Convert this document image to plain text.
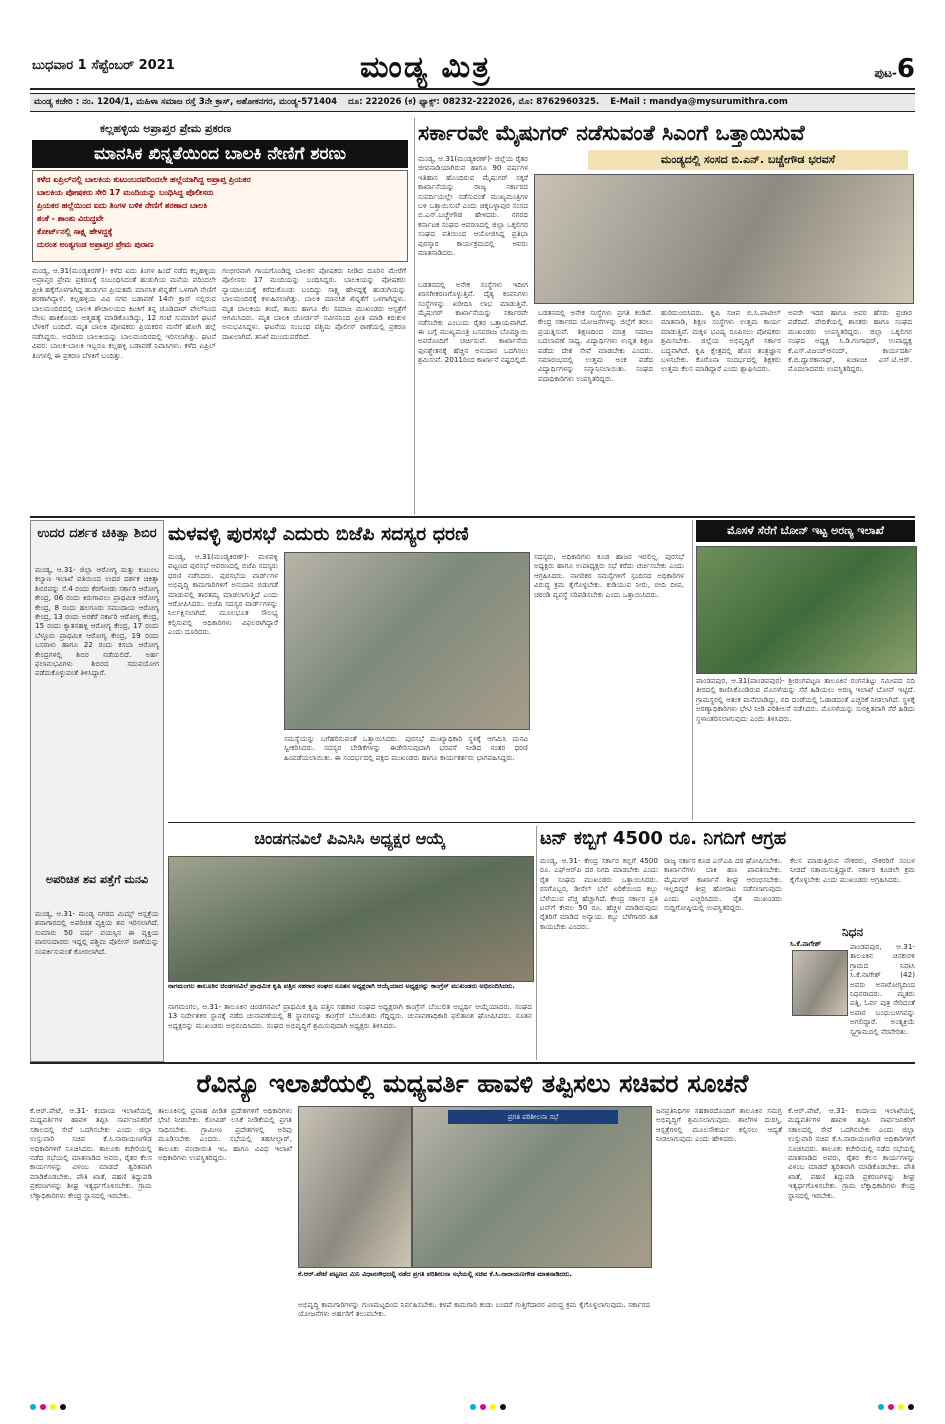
ಬುಧವಾರ 1 ಸೆಪ್ಟೆಂಬರ್ 2021	ಮಂಡ್ಯ ಮಿತ್ರ	ಪುಟ-6
ಮಂಡ್ಯ ಕಚೇರಿ : ನಂ. 1204/1, ಮಹಿಳಾ ಸಮಾಜ ರಸ್ತೆ 3ನೇ ಕ್ರಾಸ್, ಅಶೋಕನಗರ, ಮಂಡ್ಯ-571404 ದೂ: 222026 (ಕ) ಫ್ಯಾಕ್ಸ್: 08232-222026, ಮೊ: 8762960325. E-Mail : mandya@mysurumithra.com
ಕಲ್ಲಹಳ್ಳಿಯ ಅಪ್ರಾಪ್ತರ ಪ್ರೇಮ ಪ್ರಕರಣ
ಮಾನಸಿಕ ಖಿನ್ನತೆಯಿಂದ ಬಾಲಕಿ ನೇಣಿಗೆ ಶರಣು
ಕಳೆದ ಏಪ್ರಿಲ್‌ನಲ್ಲಿ ಬಾಲಕಿಯ ಕುಟುಂಬದವರಿಂದಲೇ ಹಲ್ಲೆಯಾಗಿದ್ದ ಅಪ್ರಾಪ್ತ ಪ್ರಿಯಕರ
ಬಾಲಕಿಯ ಪೋಷಕರು ಸೇರಿ 17 ಮಂದಿಯನ್ನು ಬಂಧಿಸಿದ್ದ ಪೊಲೀಸರು
ಪ್ರಿಯಕರ ಹಲ್ಲೆಯಿಂದ ಐದು ತಿಂಗಳ ಬಳಿಕ ನೇಣಿಗೆ ಶರಣಾದ ಬಾಲಕಿ
ಶಂಕೆ - ಶಾಂತು ವಿರುದ್ಧವೇ
ಕೋರ್ಟ್‌ನಲ್ಲಿ ಸಾಕ್ಷ್ಯ ಹೇಳದ್ದಕ್ಕೆ
ದುರಂತ ಅಂತ್ಯಗಂಡ ಅಪ್ರಾಪ್ತರ ಪ್ರೇಮ ಪುರಾಣ
ಮಂಡ್ಯ, ಆ.31(ಮಂಡ್ಯಕಿರಣ್)- ಕಳೆದ ಐದು ತಿಂಗಳ ಹಿಂದೆ ನಡೆದ ಕಲ್ಲಹಳ್ಳಿಯ ಅಪ್ರಾಪ್ತರ ಪ್ರೇಮ ಪ್ರಕರಣಕ್ಕೆ ಸಂಬಂಧಿಸಿದಂತೆ ಹುಡುಗಿಯ ಮನೆಯ ವರಿಂದಲೇ ಪ್ರೀತಿ ಹಕ್ಕೆಗೊಳಗಾಗಿದ್ದ ಹುಡುಗನ ಪ್ರಿಯತಮೆ ಮಾನಸಿಕ ಖಿನ್ನತೆಗೆ ಒಳಗಾಗಿ ನೇಣಿಗೆ ಶರಣಾಗಿದ್ದಾಳೆ. ಕಲ್ಲಹಳ್ಳಿಯ ವಿವಿ ನಗರ ಬಡಾವಣೆ 14ನೇ ಕ್ರಾಸ್ ನಲ್ಲಿರುವ ಬಾಲಮಂದಿರದಲ್ಲಿ ಬಾಲಕಿ ಶೌಚಾಲಯದ ಕಿಟಕಿಗೆ ತನ್ನ ಚೂಡಿದಾರ್ ವೇಲ್‌ನಿಂದ ನೇಣು ಹಾಕಿಕೊಂಡು ಆತ್ಮಹತ್ಯೆ ಮಾಡಿಕೊಂಡಿದ್ದು, 12 ಗಂಟೆ ಸುಮಾರಿಗೆ ಘಟನೆ ಬೆಳಕಿಗೆ ಬಂದಿದೆ. ಮೃತ ಬಾಲಕಿ ಪೋಷಕರು ಪ್ರಿಯಕರನ ಮನೆಗೆ ಹೋಗಿ ಹಲ್ಲೆ ನಡೆಸಿದ್ದರು. ಅದರಿಂದ ಬಾಲಕಿಯನ್ನು ಬಾಲಮಂದಿರದಲ್ಲಿ ಇರಿಸಲಾಗಿತ್ತು. ಘಟನೆ ವಿವರ: ಬಾಲಕ-ಬಾಲಕಿ ಇಬ್ಬರೂ ಕಲ್ಲಹಳ್ಳಿ ಬಡಾವಣೆ ನಿವಾಸಿಗಳು. ಕಳೆದ ಏಪ್ರಿಲ್ ತಿಂಗಳಲ್ಲಿ ಈ ಪ್ರಕರಣ ಬೆಳಕಿಗೆ ಬಂದಿತ್ತು.
ಗಂಭೀರವಾಗಿ ಗಾಯಗೊಂಡಿದ್ದ ಬಾಲಕನ ಪೋಷಕರು ನೀಡಿದ ದೂರಿನ ಮೇರೆಗೆ ಪೊಲೀಸರು 17 ಮಂದಿಯನ್ನು ಬಂಧಿಸಿದ್ದರು. ಬಾಲಕಿಯನ್ನು ಪೋಷಕರು ನ್ಯಾಯಾಲಯಕ್ಕೆ ಕರೆದುಕೊಂಡು ಬಂದಿದ್ದು ಸಾಕ್ಷ್ಯ ಹೇಳದ್ದಕ್ಕೆ ಹುಡುಗಿಯನ್ನು ಬಾಲಮಂದಿರಕ್ಕೆ ಕಳುಹಿಸಲಾಗಿತ್ತು. ಬಾಲಕಿ ಮಾನಸಿಕ ಖಿನ್ನತೆಗೆ ಒಳಗಾಗಿದ್ದಳು. ಮೃತ ಬಾಲಕಿಯ ತಂದೆ, ತಾಯಿ ಹಾಗೂ ಕೆಲ ಸಮಾಜ ಮುಖಂಡರು ಆಸ್ಪತ್ರೆಗೆ ಆಗಮಿಸಿದರು. ಮೃತ ಬಾಲಕಿ ಜೋರ್ಡನ್ ನವೀನನಿಂದ ಪ್ರೀತಿ ಮಾಡಿ ಕಿರುಕುಳ ಅನುಭವಿಸಿದ್ದಳು. ಘಟನೆಯ ಸಂಬಂಧ ಪಶ್ಚಿಮ ಪೊಲೀಸ್ ಠಾಣೆಯಲ್ಲಿ ಪ್ರಕರಣ ದಾಖಲಾಗಿದೆ. ತನಿಖೆ ಮುಂದುವರೆದಿದೆ.
ಸರ್ಕಾರವೇ ಮೈಷುಗರ್ ನಡೆಸುವಂತೆ ಸಿಎಂಗೆ ಒತ್ತಾಯಿಸುವೆ
ಮಂಡ್ಯದಲ್ಲಿ ಸಂಸದ ಬಿ.ಎನ್. ಬಚ್ಚೇಗೌಡ ಭರವಸೆ
ಮಂಡ್ಯ, ಆ.31(ಮಂಡ್ಯಕಿರಣ್)- ಜಿಲ್ಲೆಯ ರೈತರ ಜೀವನಾಡಿಯಾಗಿರುವ ಹಾಗೂ 90 ವರ್ಷಗಳ ಇತಿಹಾಸ ಹೊಂದಿರುವ ಮೈಷುಗರ್ ಸಕ್ಕರೆ ಕಾರ್ಖಾನೆಯನ್ನು ರಾಜ್ಯ ಸರ್ಕಾರದ ಸುಪರ್ದಿಯಲ್ಲೇ ನಡೆಸುವಂತೆ ಮುಖ್ಯಮಂತ್ರಿಗಳ ಬಳಿ ಒತ್ತಾಯಿಸುವೆ ಎಂದು ಚಿಕ್ಕಬಳ್ಳಾಪುರ ಸಂಸದ ಬಿ.ಎನ್.ಬಚ್ಚೇಗೌಡ ಹೇಳಿದರು. ನಗರದ ಕರ್ನಾಟಕ ಸಂಘದ ಆವರಣದಲ್ಲಿ ಜಿಲ್ಲಾ ಒಕ್ಕಲಿಗರ ಸಂಘದ ವತಿಯಿಂದ ಆಯೋಜಿಸಿದ್ದ ಪ್ರತಿಭಾ ಪುರಸ್ಕಾರ ಕಾರ್ಯಕ್ರಮದಲ್ಲಿ ಅವರು ಮಾತನಾಡಿದರು.
ಬಡತನದಲ್ಲಿ ಅನೇಕ ಸಂಸ್ಥೆಗಳು ಇದೀಗ ಖಾಸಗೀಕರಣಗೊಳ್ಳುತ್ತಿವೆ. ದೈತ್ಯ ಕಂಪನಿಗಳು ಸಂಸ್ಥೆಗಳನ್ನು ಖರೀದಿಸಿ ಲಾಭ ಮಾಡುತ್ತಿವೆ. ಮೈಷುಗರ್ ಕಾರ್ಖಾನೆಯನ್ನು ಸರ್ಕಾರವೇ ನಡೆಸಬೇಕು ಎಂಬುದು ರೈತರ ಒತ್ತಾಯವಾಗಿದೆ. ಈ ಬಗ್ಗೆ ಮುಖ್ಯಮಂತ್ರಿ ಬಸವರಾಜ ಬೊಮ್ಮಾಯಿ ಅವರೊಂದಿಗೆ ಚರ್ಚಿಸುವೆ. ಕಾರ್ಖಾನೆಯ ಪುನಶ್ಚೇತನಕ್ಕೆ ಹೆಚ್ಚಿನ ಅನುದಾನ ಒದಗಿಸಲು ಶ್ರಮಿಸುವೆ. 2011ರಿಂದ ಕಾರ್ಖಾನೆ ನಷ್ಟದಲ್ಲಿದೆ.
ಬಡತನದಲ್ಲಿ ಅನೇಕ ಸಂಸ್ಥೆಗಳು ಪ್ರಗತಿ ಕಂಡಿವೆ. ಕೇಂದ್ರ ಸರ್ಕಾರದ ಯೋಜನೆಗಳನ್ನು ಜಿಲ್ಲೆಗೆ ತರಲು ಪ್ರಯತ್ನಿಸುವೆ. ಶಿಕ್ಷಣದಿಂದ ಮಾತ್ರ ಸಮಾಜ ಬದಲಾವಣೆ ಸಾಧ್ಯ. ವಿದ್ಯಾರ್ಥಿಗಳು ಉನ್ನತ ಶಿಕ್ಷಣ ಪಡೆದು ದೇಶ ಸೇವೆ ಮಾಡಬೇಕು ಎಂದರು. ಸಮಾರಂಭದಲ್ಲಿ ಉತ್ತಮ ಅಂಕ ಪಡೆದ ವಿದ್ಯಾರ್ಥಿಗಳನ್ನು ಸನ್ಮಾನಿಸಲಾಯಿತು. ಸಂಘದ ಪದಾಧಿಕಾರಿಗಳು ಉಪಸ್ಥಿತರಿದ್ದರು.
ಹುರಿದುಂಬಿಸಿದರು. ಕೃಷಿ ಸಚಿವ ಬಿ.ಸಿ.ಪಾಟೀಲ್ ಮಾತನಾಡಿ, ಶಿಕ್ಷಣ ಸಂಸ್ಥೆಗಳು ಉತ್ತಮ ಕಾರ್ಯ ಮಾಡುತ್ತಿವೆ. ಮಕ್ಕಳ ಭವಿಷ್ಯ ರೂಪಿಸಲು ಪೋಷಕರು ಶ್ರಮಿಸಬೇಕು. ಜಿಲ್ಲೆಯ ಅಭಿವೃದ್ಧಿಗೆ ಸರ್ಕಾರ ಬದ್ಧವಾಗಿದೆ. ಕೃಷಿ ಕ್ಷೇತ್ರದಲ್ಲಿ ಹೊಸ ತಂತ್ರಜ್ಞಾನ ಬಳಸಬೇಕು. ಕೊರೊನಾ ಸಂದರ್ಭದಲ್ಲಿ ಶಿಕ್ಷಕರು ಉತ್ತಮ ಕೆಲಸ ಮಾಡಿದ್ದಾರೆ ಎಂದು ಶ್ಲಾಘಿಸಿದರು.
ಅವರೇ ಇದರ ಹಾಗೂ ಅವರ ಹೆಸರು ಪ್ರಚಾರ ಪಡೆದಿದೆ. ವೇದಿಕೆಯಲ್ಲಿ ಶಾಸಕರು ಹಾಗೂ ಸಂಘದ ಮುಖಂಡರು ಉಪಸ್ಥಿತರಿದ್ದರು. ಜಿಲ್ಲಾ ಒಕ್ಕಲಿಗರ ಸಂಘದ ಅಧ್ಯಕ್ಷ ಸಿ.ಡಿ.ಗಂಗಾಧರ್, ಉಪಾಧ್ಯಕ್ಷ ಕೆ.ಎಸ್.ವಿಜಯ್‌ಆನಂದ್, ಕಾರ್ಯದರ್ಶಿ ಕೆ.ಬಿ.ದ್ವಾರಕಾನಾಥ್, ಖಜಾಂಚಿ ಎಸ್.ಟಿ.ಆರ್. ಮೊದಲಾದವರು ಉಪಸ್ಥಿತರಿದ್ದರು.
ಉದರ ದರ್ಶಕ ಚಿಕಿತ್ಸಾ ಶಿಬಿರ
ಮಂಡ್ಯ, ಆ.31- ಜಿಲ್ಲಾ ಆರೋಗ್ಯ ಮತ್ತು ಕುಟುಂಬ ಕಲ್ಯಾಣ ಇಲಾಖೆ ವತಿಯಿಂದ ಉದರ ದರ್ಶಕ ಚಿಕಿತ್ಸಾ ಶಿಬಿರವನ್ನು ಸೆ.4 ರಂದು ಕೆರಗೋಡು ಸರ್ಕಾರಿ ಆರೋಗ್ಯ ಕೇಂದ್ರ, 06 ರಂದು ಕಿರುಗಾವಲು ಪ್ರಾಥಮಿಕ ಆರೋಗ್ಯ ಕೇಂದ್ರ, 8 ರಂದು ಹಲಗೂರು ಸಮುದಾಯ ಆರೋಗ್ಯ ಕೇಂದ್ರ, 13 ರಂದು ಅರಕೆರೆ ಸರ್ಕಾರಿ ಆರೋಗ್ಯ ಕೇಂದ್ರ, 15 ರಂದು ಕ್ಯಾತನಹಳ್ಳಿ ಆರೋಗ್ಯ ಕೇಂದ್ರ, 17 ರಂದು ಬೆಳ್ಳೂರು ಪ್ರಾಥಮಿಕ ಆರೋಗ್ಯ ಕೇಂದ್ರ, 19 ರಂದು ಬಸರಾಳು ಹಾಗೂ 22 ರಂದು ಕಸಬಾ ಆರೋಗ್ಯ ಕೇಂದ್ರಗಳಲ್ಲಿ ಶಿಬಿರ ನಡೆಯಲಿದೆ. ಅರ್ಹ ಫಲಾನುಭವಿಗಳು ಶಿಬಿರದ ಸದುಪಯೋಗ ಪಡೆದುಕೊಳ್ಳುವಂತೆ ತಿಳಿಸಿದ್ದಾರೆ.
ಅಪರಿಚಿತ ಶವ ಪತ್ತೆಗೆ ಮನವಿ
ಮಂಡ್ಯ, ಆ.31- ಮಂಡ್ಯ ನಗರದ ಮಿಮ್ಸ್ ಆಸ್ಪತ್ರೆಯ ಶವಾಗಾರದಲ್ಲಿ ಅಪರಿಚಿತ ವ್ಯಕ್ತಿಯ ಶವ ಇರಿಸಲಾಗಿದೆ. ಸುಮಾರು 50 ವರ್ಷ ವಯಸ್ಸಿನ ಈ ವ್ಯಕ್ತಿಯ ವಾರಸುದಾರರು ಇದ್ದಲ್ಲಿ ಪಶ್ಚಿಮ ಪೊಲೀಸ್ ಠಾಣೆಯನ್ನು ಸಂಪರ್ಕಿಸುವಂತೆ ಕೋರಲಾಗಿದೆ.
ಮಳವಳ್ಳಿ ಪುರಸಭೆ ಎದುರು ಬಿಜೆಪಿ ಸದಸ್ಯರ ಧರಣಿ
ಮಂಡ್ಯ, ಆ.31(ಮಂಡ್ಯಕಿರಣ್)- ಮಳವಳ್ಳಿ ಪಟ್ಟಣದ ಪುರಸಭೆ ಆವರಣದಲ್ಲಿ ಬಿಜೆಪಿ ಸದಸ್ಯರು ಧರಣಿ ನಡೆಸಿದರು. ಪುರಸಭೆಯ ವಾರ್ಡ್‌ಗಳ ಅಭಿವೃದ್ಧಿ ಕಾಮಗಾರಿಗಳಿಗೆ ಅನುದಾನ ಬಿಡುಗಡೆ ಮಾಡುವಲ್ಲಿ ತಾರತಮ್ಯ ಮಾಡಲಾಗುತ್ತಿದೆ ಎಂದು ಆರೋಪಿಸಿದರು. ಬಿಜೆಪಿ ಸದಸ್ಯರ ವಾರ್ಡ್‌ಗಳನ್ನು ನಿರ್ಲಕ್ಷಿಸಲಾಗಿದೆ. ಮೂಲಭೂತ ಸೌಲಭ್ಯ ಕಲ್ಪಿಸುವಲ್ಲಿ ಅಧಿಕಾರಿಗಳು ವಿಫಲರಾಗಿದ್ದಾರೆ ಎಂದು ದೂರಿದರು.
ಸಮಸ್ಯೆಯನ್ನು ಬಗೆಹರಿಸುವಂತೆ ಒತ್ತಾಯಿಸಿದರು. ಪುರಸಭೆ ಮುಖ್ಯಾಧಿಕಾರಿ ಸ್ಥಳಕ್ಕೆ ಆಗಮಿಸಿ ಮನವಿ ಸ್ವೀಕರಿಸಿದರು. ಸದಸ್ಯರ ಬೇಡಿಕೆಗಳನ್ನು ಈಡೇರಿಸುವುದಾಗಿ ಭರವಸೆ ನೀಡಿದ ನಂತರ ಧರಣಿ ಹಿಂಪಡೆಯಲಾಯಿತು. ಈ ಸಂದರ್ಭದಲ್ಲಿ ಪಕ್ಷದ ಮುಖಂಡರು ಹಾಗೂ ಕಾರ್ಯಕರ್ತರು ಭಾಗವಹಿಸಿದ್ದರು.
ಸದಸ್ಯರು, ಅಧಿಕಾರಿಗಳು ಕೂಡ ಹಾಜರ ಇರಲಿಲ್ಲ. ಪುರಸಭೆ ಅಧ್ಯಕ್ಷರು ಹಾಗೂ ಉಪಾಧ್ಯಕ್ಷರು ಸಭೆ ಕರೆದು ಚರ್ಚಿಸಬೇಕು ಎಂದು ಆಗ್ರಹಿಸಿದರು. ನಾಗರಿಕರ ಸಮಸ್ಯೆಗಳಿಗೆ ಸ್ಪಂದಿಸದ ಅಧಿಕಾರಿಗಳ ವಿರುದ್ಧ ಕ್ರಮ ಕೈಗೊಳ್ಳಬೇಕು. ಕುಡಿಯುವ ನೀರು, ಬೀದಿ ದೀಪ, ಚರಂಡಿ ವ್ಯವಸ್ಥೆ ಸರಿಪಡಿಸಬೇಕು ಎಂದು ಒತ್ತಾಯಿಸಿದರು.
ಮೊಸಳೆ ಸೆರೆಗೆ ಬೋನ್ ಇಟ್ಟ ಅರಣ್ಯ ಇಲಾಖೆ
ಪಾಂಡವಪುರ, ಆ.31(ಪಾಂಡವಪುರ)- ಶ್ರೀರಂಗಪಟ್ಟಣ ತಾಲೂಕಿನ ರಂಗನತಿಟ್ಟು ಸಮೀಪದ ನದಿ ತೀರದಲ್ಲಿ ಕಾಣಿಸಿಕೊಂಡಿರುವ ಮೊಸಳೆಯನ್ನು ಸೆರೆ ಹಿಡಿಯಲು ಅರಣ್ಯ ಇಲಾಖೆ ಬೋನ್ ಇಟ್ಟಿದೆ. ಗ್ರಾಮಸ್ಥರಲ್ಲಿ ಆತಂಕ ಮನೆಮಾಡಿದ್ದು, ನದಿ ದಂಡೆಯಲ್ಲಿ ಓಡಾಡದಂತೆ ಎಚ್ಚರಿಕೆ ನೀಡಲಾಗಿದೆ. ಸ್ಥಳಕ್ಕೆ ಅರಣ್ಯಾಧಿಕಾರಿಗಳು ಭೇಟಿ ನೀಡಿ ಪರಿಶೀಲನೆ ನಡೆಸಿದರು. ಮೊಸಳೆಯನ್ನು ಸುರಕ್ಷಿತವಾಗಿ ಸೆರೆ ಹಿಡಿದು ಸ್ಥಳಾಂತರಿಸಲಾಗುವುದು ಎಂದು ತಿಳಿಸಿದರು.
ಚಿಂಡಗನವಿಲೆ ಪಿಎಸಿಸಿ ಅಧ್ಯಕ್ಷರ ಆಯ್ಕೆ
ನಾಗಮಂಗಲ ತಾಲೂಕಿನ ಚಿಂಡಗನವಿಲೆ ಪ್ರಾಥಮಿಕ ಕೃಷಿ ಪತ್ತಿನ ಸಹಕಾರ ಸಂಘದ ನೂತನ ಅಧ್ಯಕ್ಷರಾಗಿ ಆಯ್ಕೆಯಾದ ಅಧ್ಯಕ್ಷರನ್ನು ಕಾಂಗ್ರೆಸ್ ಮುಖಂಡರು ಅಭಿನಂದಿಸಿದರು.
ನಾಗಮಂಗಲ, ಆ.31- ತಾಲೂಕಿನ ಚಿಂಡಗನವಿಲೆ ಪ್ರಾಥಮಿಕ ಕೃಷಿ ಪತ್ತಿನ ಸಹಕಾರ ಸಂಘದ ಅಧ್ಯಕ್ಷರಾಗಿ ಕಾಂಗ್ರೆಸ್ ಬೆಂಬಲಿತ ಅಭ್ಯರ್ಥಿ ಆಯ್ಕೆಯಾದರು. ಸಂಘದ 13 ನಿರ್ದೇಶಕರ ಸ್ಥಾನಕ್ಕೆ ನಡೆದ ಚುನಾವಣೆಯಲ್ಲಿ 8 ಸ್ಥಾನಗಳನ್ನು ಕಾಂಗ್ರೆಸ್ ಬೆಂಬಲಿತರು ಗೆದ್ದಿದ್ದರು. ಚುನಾವಣಾಧಿಕಾರಿ ಫಲಿತಾಂಶ ಘೋಷಿಸಿದರು. ನೂತನ ಅಧ್ಯಕ್ಷರನ್ನು ಮುಖಂಡರು ಅಭಿನಂದಿಸಿದರು. ಸಂಘದ ಅಭಿವೃದ್ಧಿಗೆ ಶ್ರಮಿಸುವುದಾಗಿ ಅಧ್ಯಕ್ಷರು ತಿಳಿಸಿದರು.
ಟನ್ ಕಬ್ಬಿಗೆ 4500 ರೂ. ನಿಗದಿಗೆ ಆಗ್ರಹ
ಮಂಡ್ಯ, ಆ.31- ಕೇಂದ್ರ ಸರ್ಕಾರ ಕಬ್ಬಿಗೆ 4500 ರೂ. ಎಫ್‌ಆರ್‌ಪಿ ದರ ನಿಗದಿ ಮಾಡಬೇಕು ಎಂದು ರೈತ ಸಂಘದ ಮುಖಂಡರು ಒತ್ತಾಯಿಸಿದರು. ರಸಗೊಬ್ಬರ, ಡೀಸೆಲ್ ಬೆಲೆ ಏರಿಕೆಯಿಂದ ಕಬ್ಬು ಬೆಳೆಯುವ ವೆಚ್ಚ ಹೆಚ್ಚಾಗಿದೆ. ಕೇಂದ್ರ ಸರ್ಕಾರ ಪ್ರತಿ ಟನ್‌ಗೆ ಕೇವಲ 50 ರೂ. ಹೆಚ್ಚಳ ಮಾಡಿರುವುದು ರೈತರಿಗೆ ಮಾಡಿದ ಅನ್ಯಾಯ. ಕಬ್ಬು ಬೆಳೆಗಾರರ ಹಿತ ಕಾಯಬೇಕು ಎಂದರು.
ರಾಜ್ಯ ಸರ್ಕಾರ ಕೂಡ ಎಸ್‌ಎಪಿ ದರ ಘೋಷಿಸಬೇಕು. ಕಾರ್ಖಾನೆಗಳು ಬಾಕಿ ಹಣ ಪಾವತಿಸಬೇಕು. ಮೈಷುಗರ್ ಕಾರ್ಖಾನೆ ಶೀಘ್ರ ಆರಂಭಿಸಬೇಕು. ಇಲ್ಲದಿದ್ದರೆ ತೀವ್ರ ಹೋರಾಟ ನಡೆಸಲಾಗುವುದು ಎಂದು ಎಚ್ಚರಿಸಿದರು. ರೈತ ಮುಖಂಡರು ಸುದ್ದಿಗೋಷ್ಠಿಯಲ್ಲಿ ಉಪಸ್ಥಿತರಿದ್ದರು.
ಕೆಲಸ ಮಾಡುತ್ತಿರುವ ನೌಕರರು, ನೌಕರರಿಗೆ ಸಂಬಳ ನೀಡದೆ ಸತಾಯಿಸುತ್ತಿದ್ದಾರೆ. ಸರ್ಕಾರ ಕೂಡಲೇ ಕ್ರಮ ಕೈಗೊಳ್ಳಬೇಕು ಎಂದು ಮುಖಂಡರು ಆಗ್ರಹಿಸಿದರು.
ನಿಧನ
ಸಿ.ಕೆ.ನಾಗೇಶ್	ಪಾಂಡವಪುರ, ಆ.31- ತಾಲೂಕಿನ ಚಿನಕುರಳಿ ಗ್ರಾಮದ ನಿವಾಸಿ ಸಿ.ಕೆ.ನಾಗೇಶ್ (42) ಅವರು ಅನಾರೋಗ್ಯದಿಂದ ನಿಧನರಾದರು. ಮೃತರು ಪತ್ನಿ, ಓರ್ವ ಪುತ್ರ ಸೇರಿದಂತೆ ಅಪಾರ ಬಂಧುಬಳಗವನ್ನು ಅಗಲಿದ್ದಾರೆ. ಅಂತ್ಯಕ್ರಿಯೆ ಸ್ವಗ್ರಾಮದಲ್ಲಿ ನೆರವೇರಿತು.
ರೆವಿನ್ಯೂ ಇಲಾಖೆಯಲ್ಲಿ ಮಧ್ಯವರ್ತಿ ಹಾವಳಿ ತಪ್ಪಿಸಲು ಸಚಿವರ ಸೂಚನೆ
ಕೆ.ಆರ್.ಪೇಟೆ, ಆ.31- ಕಂದಾಯ ಇಲಾಖೆಯಲ್ಲಿ ಮಧ್ಯವರ್ತಿಗಳ ಹಾವಳಿ ತಪ್ಪಿಸಿ ಸಾರ್ವಜನಿಕರಿಗೆ ಸಕಾಲದಲ್ಲಿ ಸೇವೆ ಒದಗಿಸಬೇಕು ಎಂದು ಜಿಲ್ಲಾ ಉಸ್ತುವಾರಿ ಸಚಿವ ಕೆ.ಸಿ.ನಾರಾಯಣಗೌಡ ಅಧಿಕಾರಿಗಳಿಗೆ ಸೂಚಿಸಿದರು. ತಾಲೂಕು ಕಚೇರಿಯಲ್ಲಿ ನಡೆದ ಸಭೆಯಲ್ಲಿ ಮಾತನಾಡಿದ ಅವರು, ರೈತರ ಕೆಲಸ ಕಾರ್ಯಗಳನ್ನು ವಿಳಂಬ ಮಾಡದೆ ತ್ವರಿತವಾಗಿ ಮಾಡಿಕೊಡಬೇಕು. ಪೌತಿ ಖಾತೆ, ಪಹಣಿ ತಿದ್ದುಪಡಿ ಪ್ರಕರಣಗಳನ್ನು ಶೀಘ್ರ ಇತ್ಯರ್ಥಗೊಳಿಸಬೇಕು. ಗ್ರಾಮ ಲೆಕ್ಕಾಧಿಕಾರಿಗಳು ಕೇಂದ್ರ ಸ್ಥಾನದಲ್ಲಿ ಇರಬೇಕು.
ತಾಲೂಕಿನಲ್ಲಿ ಪ್ರವಾಹ ಪೀಡಿತ ಪ್ರದೇಶಗಳಿಗೆ ಅಧಿಕಾರಿಗಳು ಭೇಟಿ ನೀಡಬೇಕು. ಕೋವಿಡ್ ಲಸಿಕೆ ನೀಡಿಕೆಯಲ್ಲಿ ಪ್ರಗತಿ ಸಾಧಿಸಬೇಕು. ಗ್ರಾಮೀಣ ಪ್ರದೇಶಗಳಲ್ಲಿ ಅರಿವು ಮೂಡಿಸಬೇಕು ಎಂದರು. ಸಭೆಯಲ್ಲಿ ತಹಸೀಲ್ದಾರ್, ತಾಲೂಕು ಪಂಚಾಯಿತಿ ಇಒ ಹಾಗೂ ವಿವಿಧ ಇಲಾಖೆ ಅಧಿಕಾರಿಗಳು ಉಪಸ್ಥಿತರಿದ್ದರು.
ಪ್ರಗತಿ ಪರಿಶೀಲನಾ ಸಭೆ
ಕೆ.ಆರ್.ಪೇಟೆ ಪಟ್ಟಣದ ಮಿನಿ ವಿಧಾನಸೌಧದಲ್ಲಿ ನಡೆದ ಪ್ರಗತಿ ಪರಿಶೀಲನಾ ಸಭೆಯಲ್ಲಿ ಸಚಿವ ಕೆ.ಸಿ.ನಾರಾಯಣಗೌಡ ಮಾತನಾಡಿದರು.
ಅಭಿವೃದ್ಧಿ ಕಾಮಗಾರಿಗಳನ್ನು ಗುಣಮಟ್ಟದಿಂದ ನಿರ್ವಹಿಸಬೇಕು. ಕಳಪೆ ಕಾಮಗಾರಿ ಕಂಡು ಬಂದರೆ ಗುತ್ತಿಗೆದಾರರ ವಿರುದ್ಧ ಕ್ರಮ ಕೈಗೊಳ್ಳಲಾಗುವುದು. ಸರ್ಕಾರದ ಯೋಜನೆಗಳು ಅರ್ಹರಿಗೆ ತಲುಪಬೇಕು.
ಜನಪ್ರತಿನಿಧಿಗಳ ಸಹಕಾರದೊಂದಿಗೆ ತಾಲೂಕಿನ ಸಮಗ್ರ ಅಭಿವೃದ್ಧಿಗೆ ಶ್ರಮಿಸಲಾಗುವುದು. ಶಾಲೆಗಳ ದುರಸ್ತಿ, ಆಸ್ಪತ್ರೆಗಳಲ್ಲಿ ಮೂಲಸೌಕರ್ಯ ಕಲ್ಪಿಸಲು ಆದ್ಯತೆ ನೀಡಲಾಗುವುದು ಎಂದು ಹೇಳಿದರು.
ಕೆ.ಆರ್.ಪೇಟೆ, ಆ.31- ಕಂದಾಯ ಇಲಾಖೆಯಲ್ಲಿ ಮಧ್ಯವರ್ತಿಗಳ ಹಾವಳಿ ತಪ್ಪಿಸಿ ಸಾರ್ವಜನಿಕರಿಗೆ ಸಕಾಲದಲ್ಲಿ ಸೇವೆ ಒದಗಿಸಬೇಕು ಎಂದು ಜಿಲ್ಲಾ ಉಸ್ತುವಾರಿ ಸಚಿವ ಕೆ.ಸಿ.ನಾರಾಯಣಗೌಡ ಅಧಿಕಾರಿಗಳಿಗೆ ಸೂಚಿಸಿದರು. ತಾಲೂಕು ಕಚೇರಿಯಲ್ಲಿ ನಡೆದ ಸಭೆಯಲ್ಲಿ ಮಾತನಾಡಿದ ಅವರು, ರೈತರ ಕೆಲಸ ಕಾರ್ಯಗಳನ್ನು ವಿಳಂಬ ಮಾಡದೆ ತ್ವರಿತವಾಗಿ ಮಾಡಿಕೊಡಬೇಕು. ಪೌತಿ ಖಾತೆ, ಪಹಣಿ ತಿದ್ದುಪಡಿ ಪ್ರಕರಣಗಳನ್ನು ಶೀಘ್ರ ಇತ್ಯರ್ಥಗೊಳಿಸಬೇಕು. ಗ್ರಾಮ ಲೆಕ್ಕಾಧಿಕಾರಿಗಳು ಕೇಂದ್ರ ಸ್ಥಾನದಲ್ಲಿ ಇರಬೇಕು.
